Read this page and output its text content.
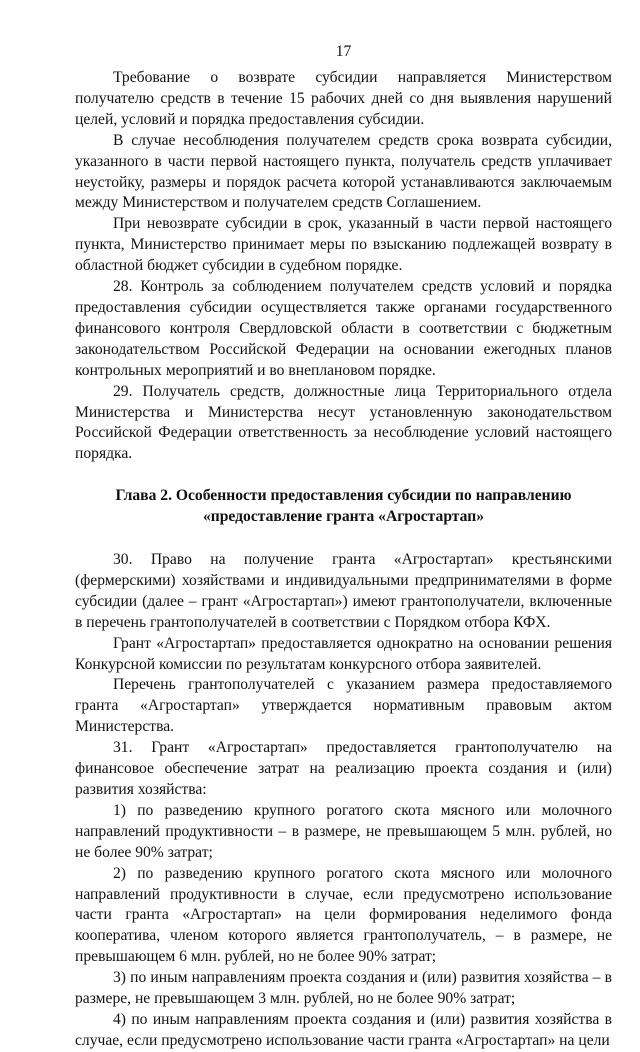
17

Требование о возврате субсидии направляется Министерством получателю средств в течение 15 рабочих дней со дня выявления нарушений целей, условий и порядка предоставления субсидии.

В случае несоблюдения получателем средств срока возврата субсидии, указанного в части первой настоящего пункта, получатель средств уплачивает неустойку, размеры и порядок расчета которой устанавливаются заключаемым между Министерством и получателем средств Соглашением.

При невозврате субсидии в срок, указанный в части первой настоящего пункта, Министерство принимает меры по взысканию подлежащей возврату в областной бюджет субсидии в судебном порядке.

28. Контроль за соблюдением получателем средств условий и порядка предоставления субсидии осуществляется также органами государственного финансового контроля Свердловской области в соответствии с бюджетным законодательством Российской Федерации на основании ежегодных планов контрольных мероприятий и во внеплановом порядке.

29. Получатель средств, должностные лица Территориального отдела Министерства и Министерства несут установленную законодательством Российской Федерации ответственность за несоблюдение условий настоящего порядка.

Глава 2. Особенности предоставления субсидии по направлению
«предоставление гранта «Агростартап»

30. Право на получение гранта «Агростартап» крестьянскими (фермерскими) хозяйствами и индивидуальными предпринимателями в форме субсидии (далее – грант «Агростартап») имеют грантополучатели, включенные в перечень грантополучателей в соответствии с Порядком отбора КФХ.

Грант «Агростартап» предоставляется однократно на основании решения Конкурсной комиссии по результатам конкурсного отбора заявителей.

Перечень грантополучателей с указанием размера предоставляемого гранта «Агростартап» утверждается нормативным правовым актом Министерства.

31. Грант «Агростартап» предоставляется грантополучателю на финансовое обеспечение затрат на реализацию проекта создания и (или) развития хозяйства:

1) по разведению крупного рогатого скота мясного или молочного направлений продуктивности – в размере, не превышающем 5 млн. рублей, но не более 90% затрат;

2) по разведению крупного рогатого скота мясного или молочного направлений продуктивности в случае, если предусмотрено использование части гранта «Агростартап» на цели формирования неделимого фонда кооператива, членом которого является грантополучатель, – в размере, не превышающем 6 млн. рублей, но не более 90% затрат;

3) по иным направлениям проекта создания и (или) развития хозяйства – в размере, не превышающем 3 млн. рублей, но не более 90% затрат;

4) по иным направлениям проекта создания и (или) развития хозяйства в случае, если предусмотрено использование части гранта «Агростартап» на цели
